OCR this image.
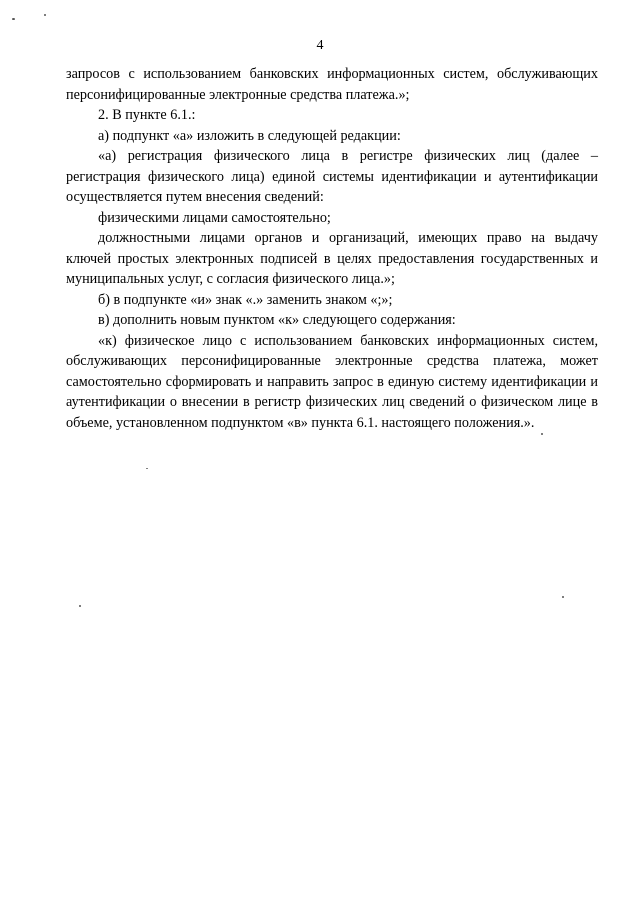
4

запросов с использованием банковских информационных систем, обслуживающих персонифицированные электронные средства платежа.»;

2. В пункте 6.1.:

а) подпункт «а» изложить в следующей редакции:

«а) регистрация физического лица в регистре физических лиц (далее – регистрация физического лица) единой системы идентификации и аутентификации осуществляется путем внесения сведений:

физическими лицами самостоятельно;

должностными лицами органов и организаций, имеющих право на выдачу ключей простых электронных подписей в целях предоставления государственных и муниципальных услуг, с согласия физического лица.»;

б) в подпункте «и» знак «.» заменить знаком «;»;

в) дополнить новым пунктом «к» следующего содержания:

«к) физическое лицо с использованием банковских информационных систем, обслуживающих персонифицированные электронные средства платежа, может самостоятельно сформировать и направить запрос в единую систему идентификации и аутентификации о внесении в регистр физических лиц сведений о физическом лице в объеме, установленном подпунктом «в» пункта 6.1. настоящего положения.».
